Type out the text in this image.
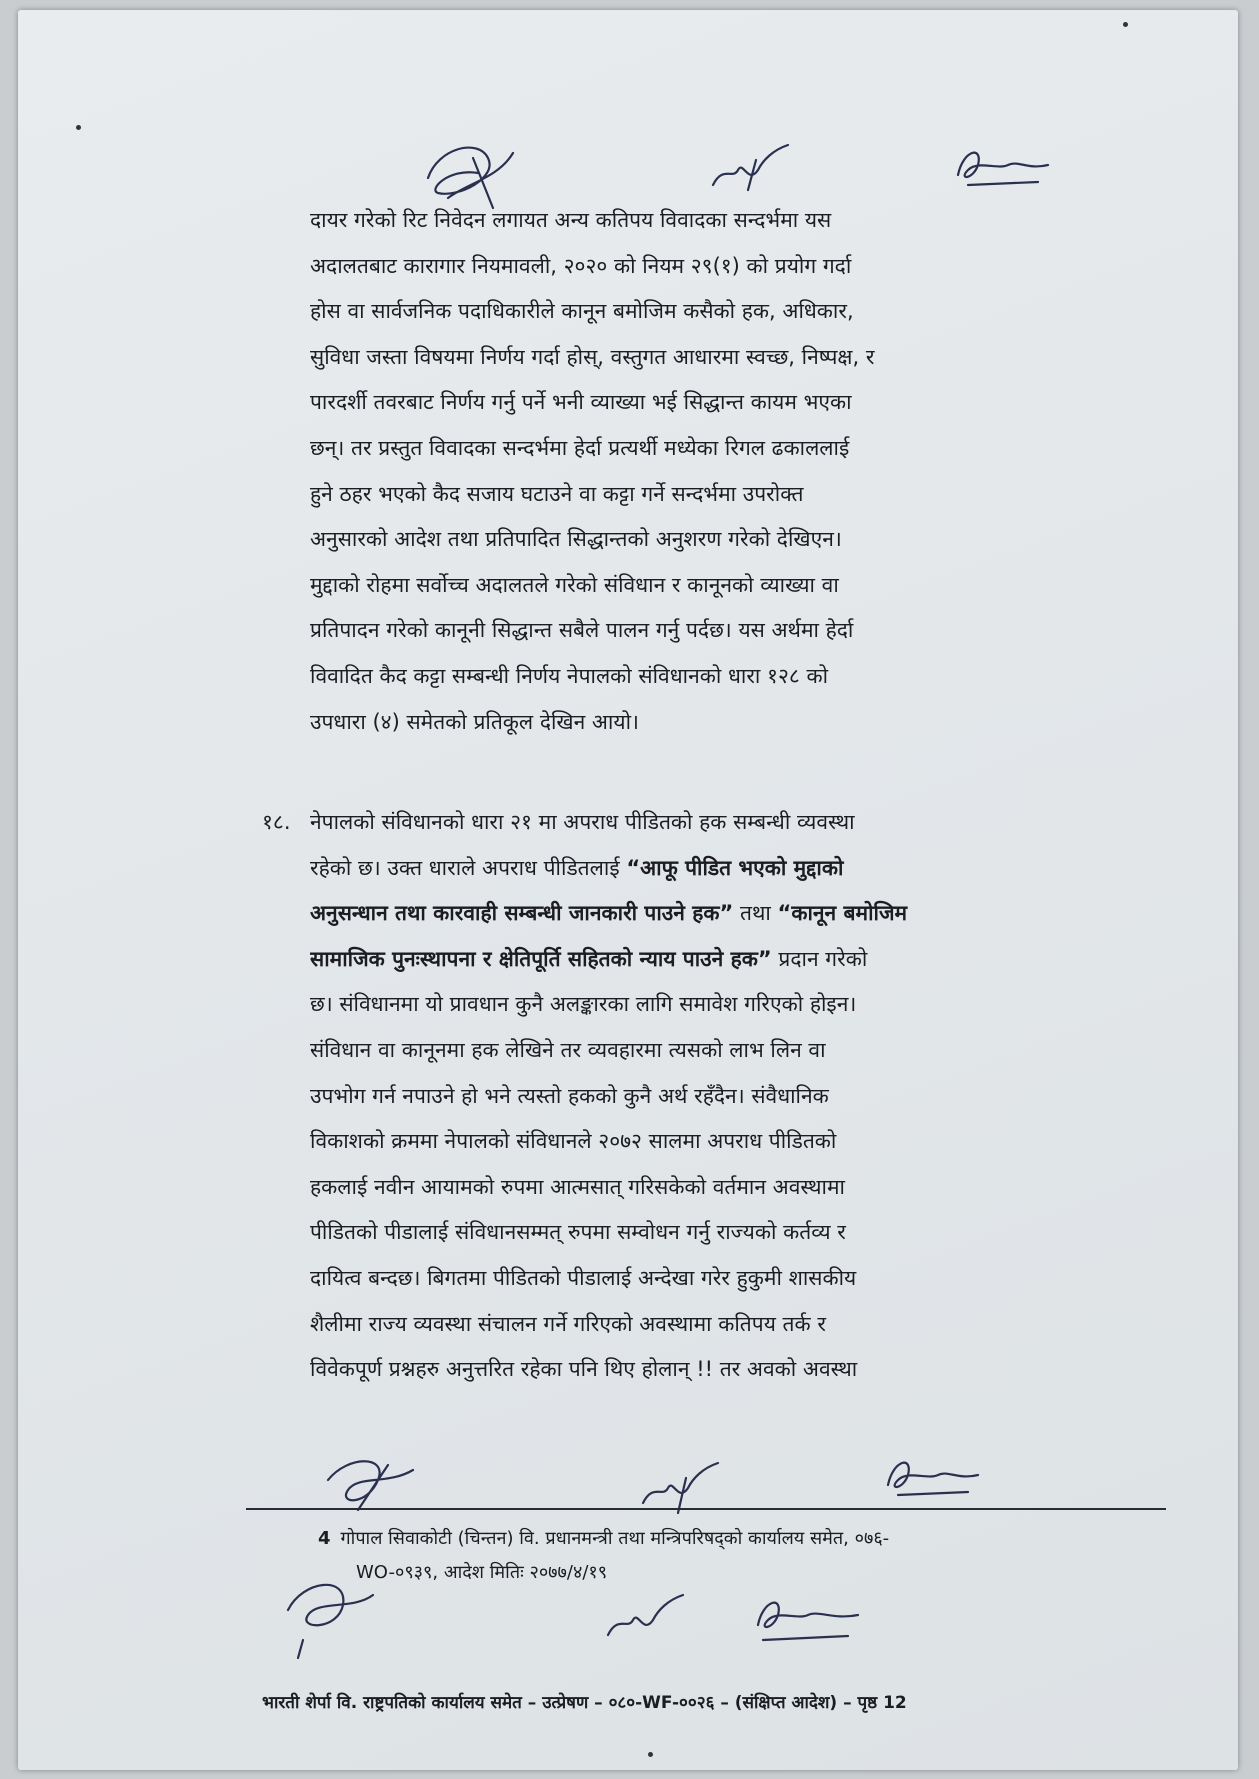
दायर गरेको रिट निवेदन लगायत अन्य कतिपय विवादका सन्दर्भमा यस
अदालतबाट कारागार नियमावली, २०२० को नियम २९(१) को प्रयोग गर्दा
होस वा सार्वजनिक पदाधिकारीले कानून बमोजिम कसैको हक, अधिकार,
सुविधा जस्ता विषयमा निर्णय गर्दा होस्, वस्तुगत आधारमा स्वच्छ, निष्पक्ष, र
पारदर्शी तवरबाट निर्णय गर्नु पर्ने भनी व्याख्या भई सिद्धान्त कायम भएका
छन्। तर प्रस्तुत विवादका सन्दर्भमा हेर्दा प्रत्यर्थी मध्येका रिगल ढकाललाई
हुने ठहर भएको कैद सजाय घटाउने वा कट्टा गर्ने सन्दर्भमा उपरोक्त
अनुसारको आदेश तथा प्रतिपादित सिद्धान्तको अनुशरण गरेको देखिएन।
मुद्दाको रोहमा सर्वोच्च अदालतले गरेको संविधान र कानूनको व्याख्या वा
प्रतिपादन गरेको कानूनी सिद्धान्त सबैले पालन गर्नु पर्दछ। यस अर्थमा हेर्दा
विवादित कैद कट्टा सम्बन्धी निर्णय नेपालको संविधानको धारा १२८ को
उपधारा (४) समेतको प्रतिकूल देखिन आयो।
१८. नेपालको संविधानको धारा २१ मा अपराध पीडितको हक सम्बन्धी व्यवस्था
रहेको छ। उक्त धाराले अपराध पीडितलाई “आफू पीडित भएको मुद्दाको
अनुसन्धान तथा कारवाही सम्बन्धी जानकारी पाउने हक” तथा “कानून बमोजिम
सामाजिक पुनःस्थापना र क्षेतिपूर्ति सहितको न्याय पाउने हक” प्रदान गरेको
छ। संविधानमा यो प्रावधान कुनै अलङ्कारका लागि समावेश गरिएको होइन।
संविधान वा कानूनमा हक लेखिने तर व्यवहारमा त्यसको लाभ लिन वा
उपभोग गर्न नपाउने हो भने त्यस्तो हकको कुनै अर्थ रहँदैन। संवैधानिक
विकाशको क्रममा नेपालको संविधानले २०७२ सालमा अपराध पीडितको
हकलाई नवीन आयामको रुपमा आत्मसात् गरिसकेको वर्तमान अवस्थामा
पीडितको पीडालाई संविधानसम्मत् रुपमा सम्वोधन गर्नु राज्यको कर्तव्य र
दायित्व बन्दछ। बिगतमा पीडितको पीडालाई अन्देखा गरेर हुकुमी शासकीय
शैलीमा राज्य व्यवस्था संचालन गर्ने गरिएको अवस्थामा कतिपय तर्क र
विवेकपूर्ण प्रश्नहरु अनुत्तरित रहेका पनि थिए होलान् !! तर अवको अवस्था
4 गोपाल सिवाकोटी (चिन्तन) वि. प्रधानमन्त्री तथा मन्त्रिपरिषद्को कार्यालय समेत, ०७६-
WO-०९३९, आदेश मितिः २०७७/४/१९
भारती शेर्पा वि. राष्ट्रपतिको कार्यालय समेत – उत्प्रेषण – ०८०-WF-००२६ – (संक्षिप्त आदेश) – पृष्ठ 12
